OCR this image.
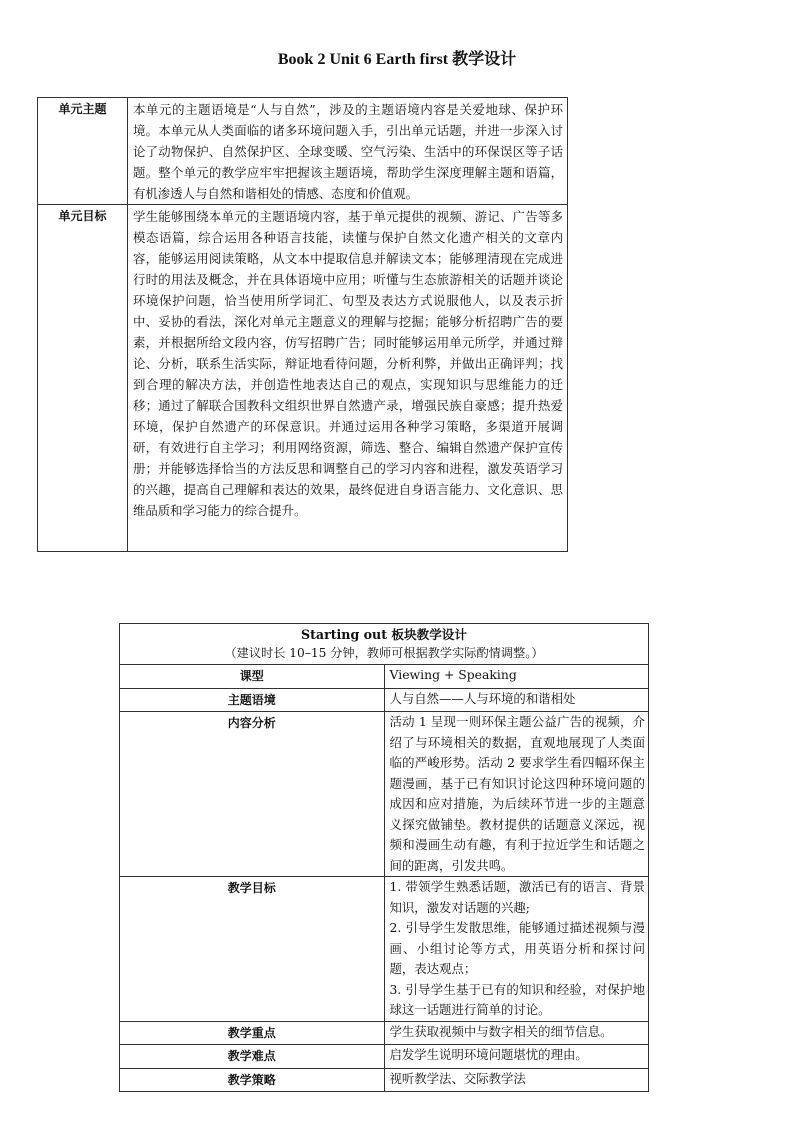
Book 2 Unit 6 Earth first 教学设计
单元主题	本单元的主题语境是“人与自然”，涉及的主题语境内容是关爱地球、保护环境。本单元从人类面临的诸多环境问题入手，引出单元话题，并进一步深入讨论了动物保护、自然保护区、全球变暖、空气污染、生活中的环保误区等子话题。整个单元的教学应牢牢把握该主题语境，帮助学生深度理解主题和语篇，有机渗透人与自然和谐相处的情感、态度和价值观。
单元目标	学生能够围绕本单元的主题语境内容，基于单元提供的视频、游记、广告等多模态语篇，综合运用各种语言技能，读懂与保护自然文化遗产相关的文章内容，能够运用阅读策略，从文本中提取信息并解读文本；能够理清现在完成进行时的用法及概念，并在具体语境中应用；听懂与生态旅游相关的话题并谈论环境保护问题，恰当使用所学词汇、句型及表达方式说服他人，以及表示折中、妥协的看法，深化对单元主题意义的理解与挖掘；能够分析招聘广告的要素，并根据所给文段内容，仿写招聘广告；同时能够运用单元所学，并通过辩论、分析，联系生活实际，辩证地看待问题，分析利弊，并做出正确评判；找到合理的解决方法，并创造性地表达自己的观点，实现知识与思维能力的迁移；通过了解联合国教科文组织世界自然遗产录，增强民族自豪感；提升热爱环境，保护自然遗产的环保意识。并通过运用各种学习策略，多渠道开展调研，有效进行自主学习；利用网络资源，筛选、整合、编辑自然遗产保护宣传册；并能够选择恰当的方法反思和调整自己的学习内容和进程，激发英语学习的兴趣，提高自己理解和表达的效果，最终促进自身语言能力、文化意识、思维品质和学习能力的综合提升。
Starting out 板块教学设计
（建议时长 10–15 分钟，教师可根据教学实际酌情调整。）	

课型	Viewing + Speaking
主题语境	人与自然——人与环境的和谐相处
内容分析	活动 1 呈现一则环保主题公益广告的视频，介绍了与环境相关的数据，直观地展现了人类面临的严峻形势。活动 2 要求学生看四幅环保主题漫画，基于已有知识讨论这四种环境问题的成因和应对措施，为后续环节进一步的主题意义探究做铺垫。教材提供的话题意义深远，视频和漫画生动有趣，有利于拉近学生和话题之间的距离，引发共鸣。
教学目标	1. 带领学生熟悉话题，激活已有的语言、背景知识，激发对话题的兴趣;
2. 引导学生发散思维，能够通过描述视频与漫画、小组讨论等方式，用英语分析和探讨问题，表达观点；
3. 引导学生基于已有的知识和经验，对保护地球这一话题进行简单的讨论。

教学重点	学生获取视频中与数字相关的细节信息。
教学难点	启发学生说明环境问题堪忧的理由。
教学策略	视听教学法、交际教学法
